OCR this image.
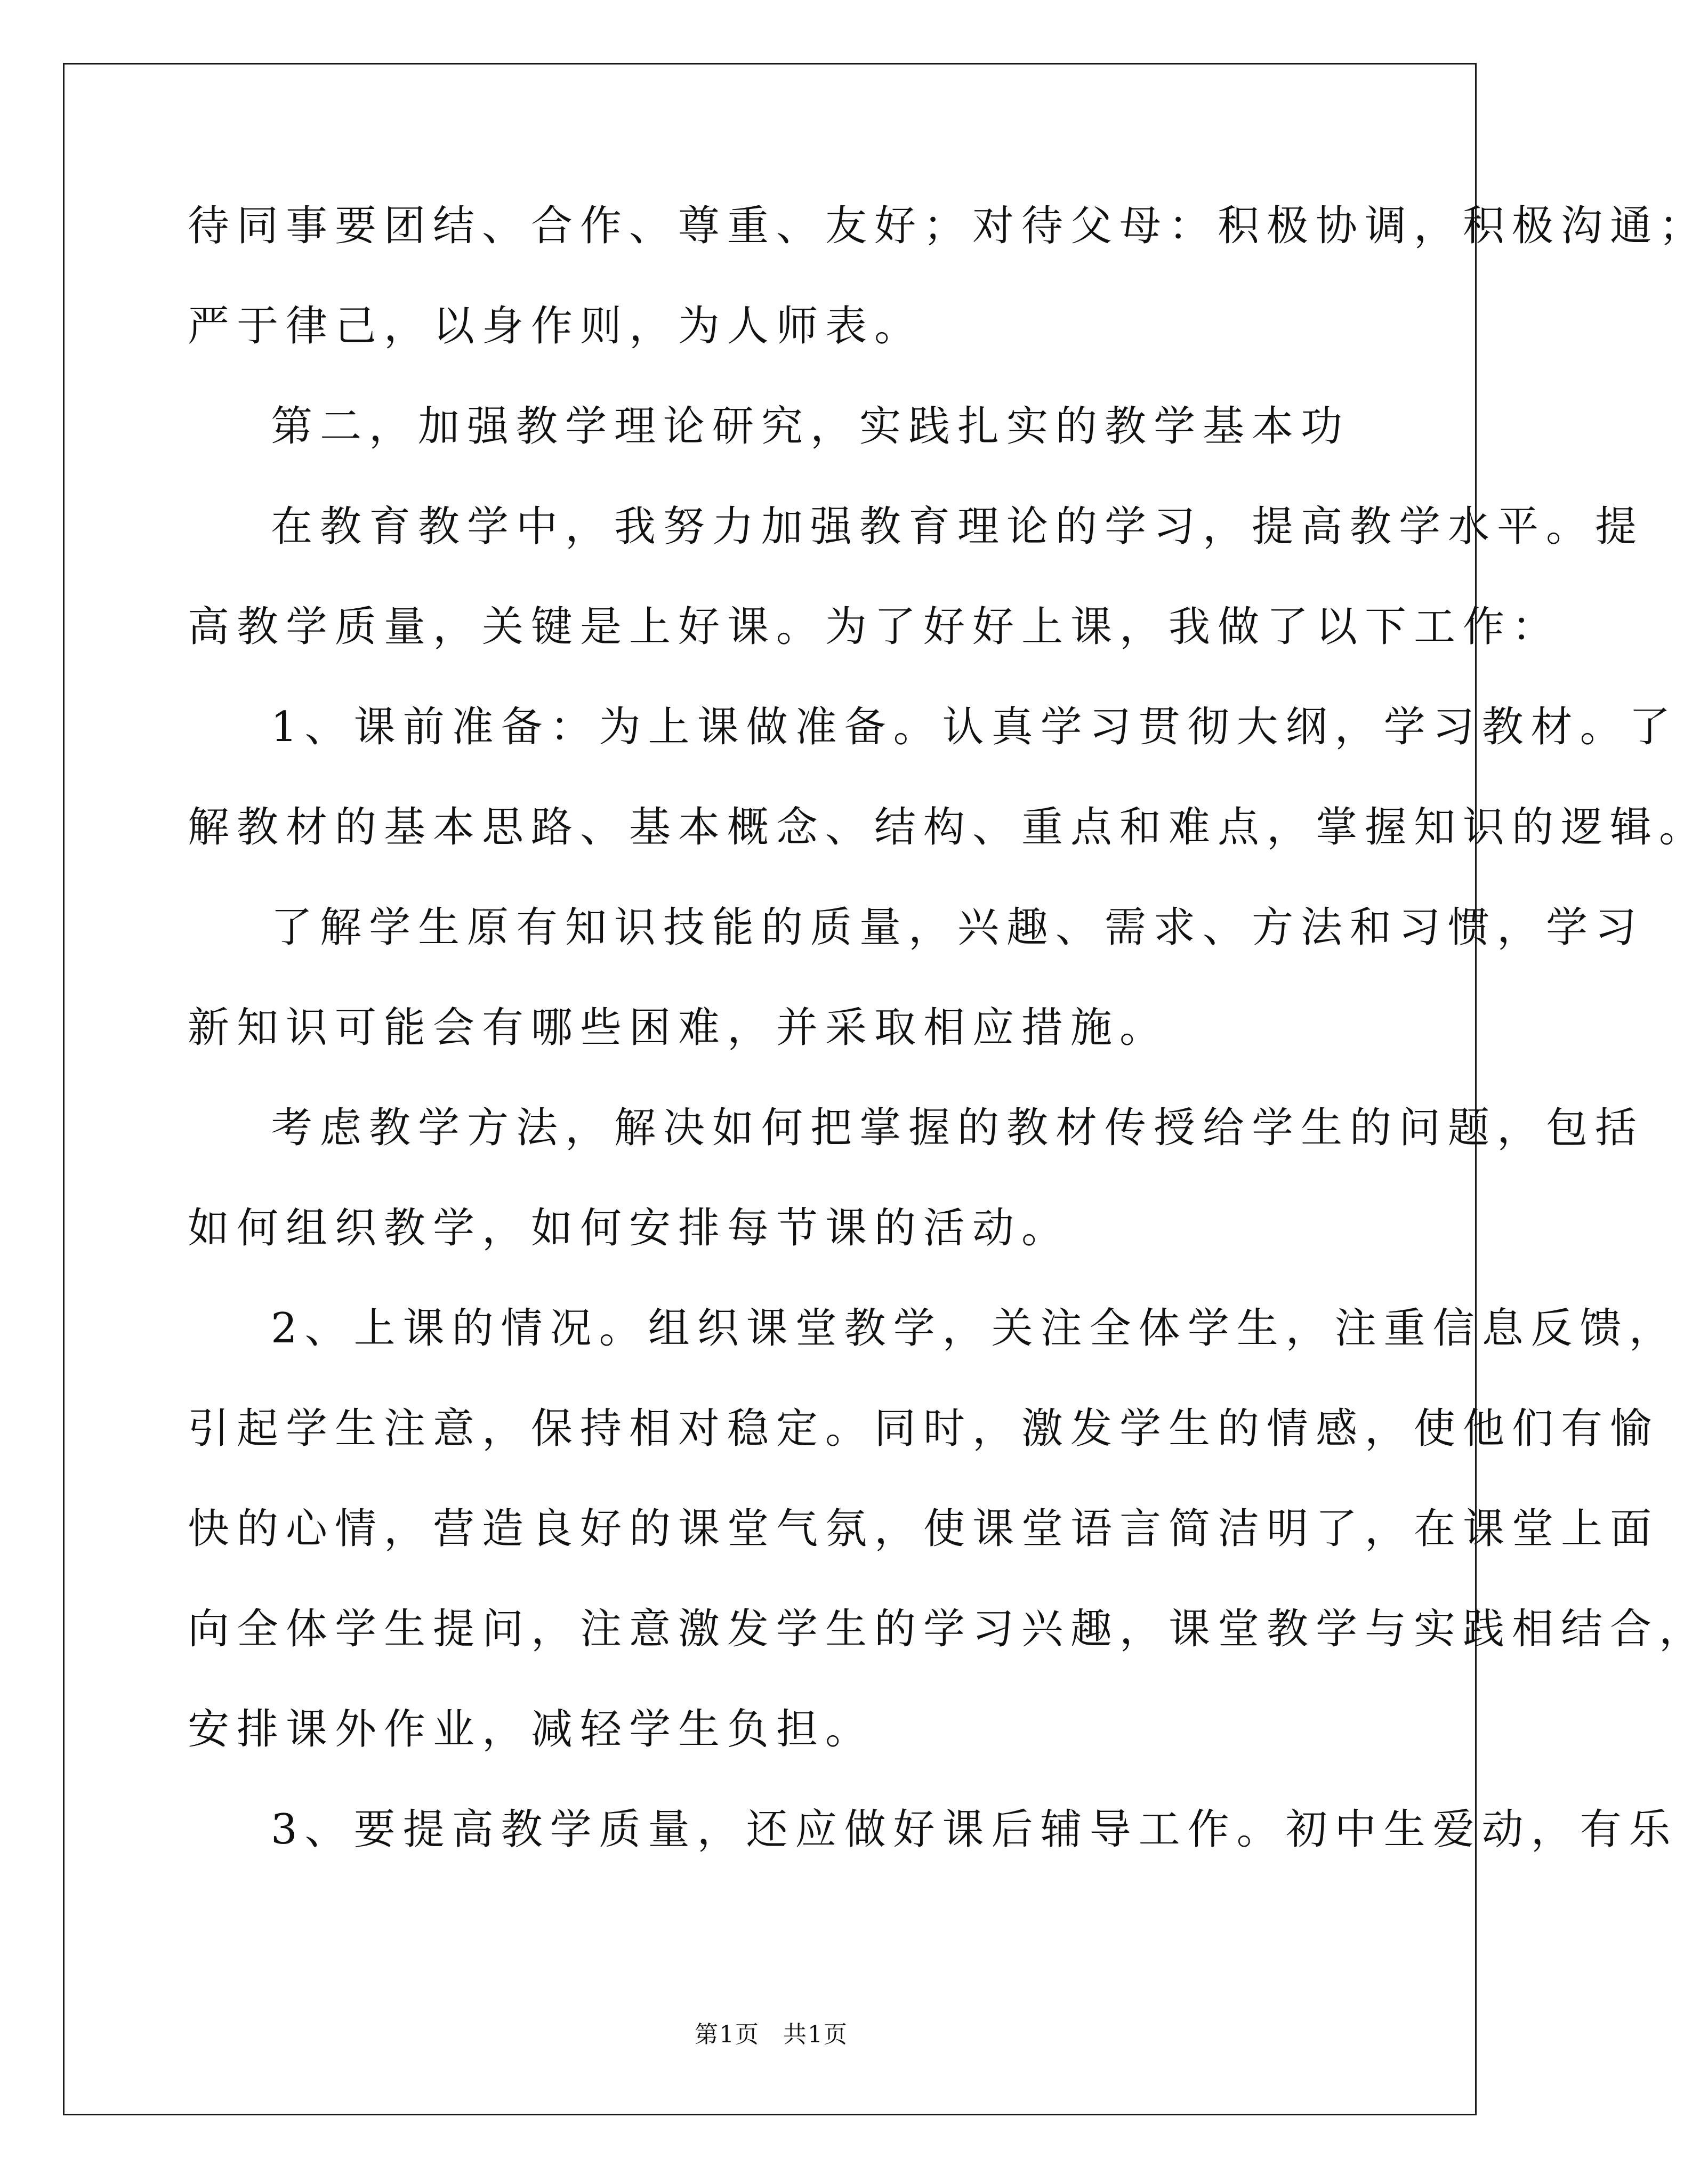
待同事要团结、合作、尊重、友好；对待父母：积极协调，积极沟通；
严于律己，以身作则，为人师表。
第二，加强教学理论研究，实践扎实的教学基本功
在教育教学中，我努力加强教育理论的学习，提高教学水平。提
高教学质量，关键是上好课。为了好好上课，我做了以下工作：
1、课前准备：为上课做准备。认真学习贯彻大纲，学习教材。了
解教材的基本思路、基本概念、结构、重点和难点，掌握知识的逻辑。
了解学生原有知识技能的质量，兴趣、需求、方法和习惯，学习
新知识可能会有哪些困难，并采取相应措施。
考虑教学方法，解决如何把掌握的教材传授给学生的问题，包括
如何组织教学，如何安排每节课的活动。
2、上课的情况。组织课堂教学，关注全体学生，注重信息反馈，
引起学生注意，保持相对稳定。同时，激发学生的情感，使他们有愉
快的心情，营造良好的课堂气氛，使课堂语言简洁明了，在课堂上面
向全体学生提问，注意激发学生的学习兴趣，课堂教学与实践相结合，
安排课外作业，减轻学生负担。
3、要提高教学质量，还应做好课后辅导工作。初中生爱动，有乐
第1页 共1页
